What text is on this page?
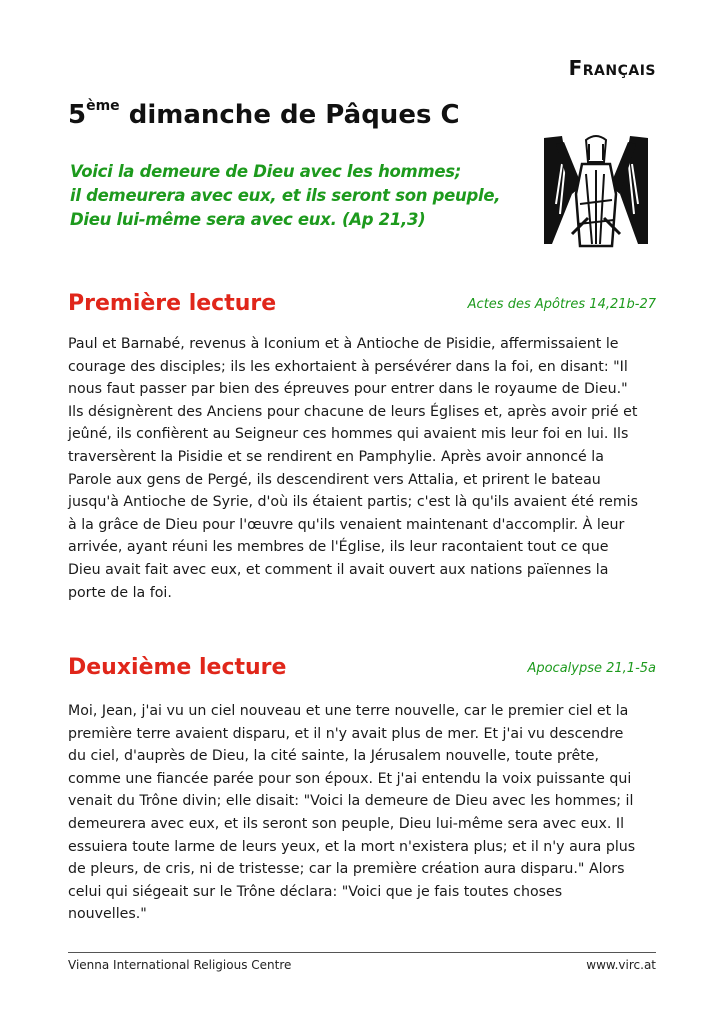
Français
5ème dimanche de Pâques C
Voici la demeure de Dieu avec les hommes;
il demeurera avec eux, et ils seront son peuple,
Dieu lui-même sera avec eux. (Ap 21,3)
Première lecture	Actes des Apôtres 14,21b-27
Paul et Barnabé, revenus à Iconium et à Antioche de Pisidie, affermissaient le
courage des disciples; ils les exhortaient à persévérer dans la foi, en disant: "Il
nous faut passer par bien des épreuves pour entrer dans le royaume de Dieu."
Ils désignèrent des Anciens pour chacune de leurs Églises et, après avoir prié et
jeûné, ils confièrent au Seigneur ces hommes qui avaient mis leur foi en lui. Ils
traversèrent la Pisidie et se rendirent en Pamphylie. Après avoir annoncé la
Parole aux gens de Pergé, ils descendirent vers Attalia, et prirent le bateau
jusqu'à Antioche de Syrie, d'où ils étaient partis; c'est là qu'ils avaient été remis
à la grâce de Dieu pour l'œuvre qu'ils venaient maintenant d'accomplir. À leur
arrivée, ayant réuni les membres de l'Église, ils leur racontaient tout ce que
Dieu avait fait avec eux, et comment il avait ouvert aux nations païennes la
porte de la foi.
Deuxième lecture	Apocalypse 21,1-5a
Moi, Jean, j'ai vu un ciel nouveau et une terre nouvelle, car le premier ciel et la
première terre avaient disparu, et il n'y avait plus de mer. Et j'ai vu descendre
du ciel, d'auprès de Dieu, la cité sainte, la Jérusalem nouvelle, toute prête,
comme une fiancée parée pour son époux. Et j'ai entendu la voix puissante qui
venait du Trône divin; elle disait: "Voici la demeure de Dieu avec les hommes; il
demeurera avec eux, et ils seront son peuple, Dieu lui-même sera avec eux. Il
essuiera toute larme de leurs yeux, et la mort n'existera plus; et il n'y aura plus
de pleurs, de cris, ni de tristesse; car la première création aura disparu." Alors
celui qui siégeait sur le Trône déclara: "Voici que je fais toutes choses
nouvelles."
Vienna International Religious Centre	www.virc.at
